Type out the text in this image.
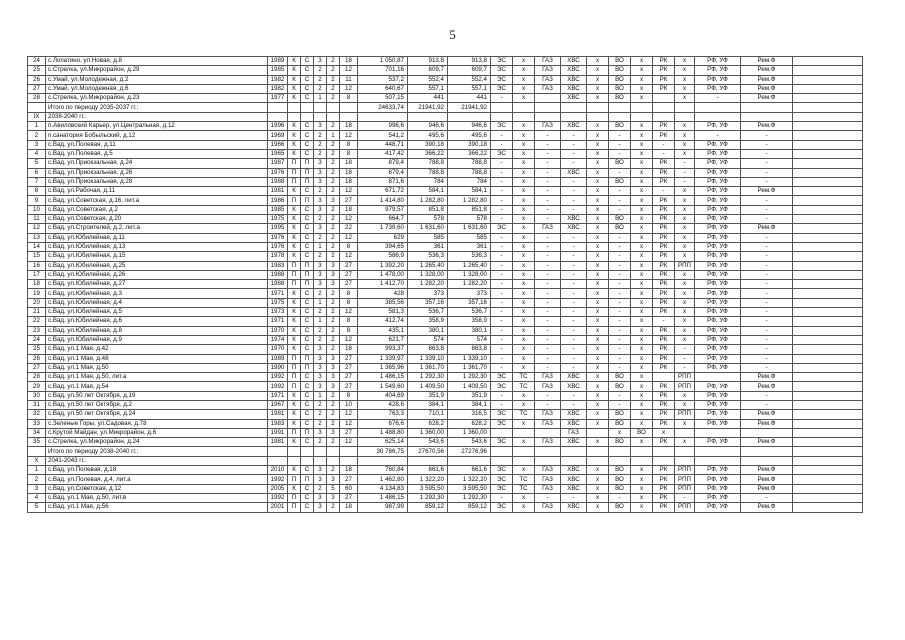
5
24	с.Лопатино, ул.Новая, д.8	1989	К	С	3	2	18	1 050,87	913,8	913,8	ЭС	х	ГАЗ	ХВС	х	ВО	х	РК	х	РФ, УФ	Рем.Ф	
25	с.Стрелка, ул.Микрорайон, д.29	1985	К	С	2	2	12	701,16	609,7	609,7	ЭС	х	ГАЗ	ХВС	х	ВО	х	РК	х	РФ, УФ	Рем.Ф	
26	с.Умай, ул.Молодежная, д.2	1982	К	С	2	2	11	537,2	552,4	552,4	ЭС	х	ГАЗ	ХВС	х	ВО	х	РК	х	РФ, УФ	Рем.Ф	
27	с.Умай, ул.Молодежная, д.6	1982	К	С	2	2	12	640,67	557,1	557,1	ЭС	х	ГАЗ	ХВС	х	ВО	х	РК	х	РФ, УФ	Рем.Ф	
28	с.Стрелка, ул.Микрорайон, д.23	1977	К	С	1	2	8	507,15	441	441	-	х		ХВС	х	ВО	х		х	-	Рем.Ф	
	Итого по периоду 2035-2037 гг.:							24633,74	21941,92	21941,92												
IX	2038-2040 гг.:																					
1	п.Авиловский Карьер, ул.Центральная, д.12	1996	К	С	3	2	18	996,6	946,6	946,6	ЭС	х	ГАЗ	ХВС	х	ВО	х	РК	х	РФ, УФ	Рем.Ф	
2	п.санатория Бобыльский, д.12	1969	К	С	2	1	12	541,2	495,6	495,6	-	х	-	-	х	-	х	РК	х	-	-	
3	с.Вад, ул.Полевая, д.11	1966	К	С	2	2	8	448,71	390,18	390,18	-	х	-	-	х	-	х	-	х	РФ, УФ	-	
4	с.Вад, ул.Полевая, д.5	1965	К	С	2	2	8	417,42	366,22	366,22	ЭС	х	-	-	х	-	х	-	х	РФ, УФ	-	
5	с.Вад, ул.Приокзальная, д.24	1987	П	П	3	2	18	879,4	788,8	788,8	-	х	-	-	х	ВО	х	РК	-	РФ, УФ	-	
6	с.Вад, ул.Приокзальная, д.26	1976	П	П	3	2	18	879,4	788,8	788,8	-	х	-	ХВС	х	-	х	РК	-	РФ, УФ	-	
7	с.Вад, ул.Приокзальная, д.28	1988	П	П	3	2	18	871,6	784	784	-	х	-	-	х	ВО	х	РК	-	РФ, УФ	-	
8	с.Вад, ул.Рабочая, д.11	1981	К	С	2	2	12	671,72	584,1	584,1	-	х	-	-	х	-	х	-	х	РФ, УФ	Рем.Ф	
9	с.Вад, ул.Советская, д.16, лит.а	1986	П	П	3	3	27	1 414,80	1 282,80	1 282,80	-	х	-	-	х	-	х	РК	х	РФ, УФ	-	
10	с.Вад, ул.Советская, д.2	1985	К	С	3	2	18	979,57	851,8	851,8	-	х	-	-	х	-	х	РК	х	РФ, УФ	-	
11	с.Вад, ул.Советская, д.20	1975	К	С	2	2	12	664,7	578	578	-	х	-	ХВС	х	ВО	х	РК	х	РФ, УФ	-	
12	с.Вад, ул.Строителей, д.2, лит.а	1995	К	С	3	2	22	1 739,60	1 631,60	1 631,60	ЭС	х	ГАЗ	ХВС	х	ВО	х	РК	х	РФ, УФ	Рем.Ф	
13	с.Вад, ул.Юбилейная, д.11	1976	К	С	2	2	12	629	585	585	-	х	-	-	х	-	х	РК	х	РФ, УФ	-	
14	с.Вад, ул.Юбилейная, д.13	1976	К	С	1	2	8	394,65	361	361	-	х	-	-	х	-	х	РК	х	РФ, УФ	-	
15	с.Вад, ул.Юбилейная, д.15	1978	К	С	2	2	12	586,9	536,3	536,3	-	х	-	-	х	-	х	РК	х	РФ, УФ	-	
16	с.Вад, ул.Юбилейная, д.25	1983	П	П	3	3	27	1 392,20	1 265,40	1 265,40	-	х	-	-	х	-	х	РК	РПП	РФ, УФ	-	
17	с.Вад, ул.Юбилейная, д.26	1988	П	П	3	3	27	1 478,00	1 328,00	1 328,00	-	х	-	-	х	-	х	РК	х	РФ, УФ	-	
18	с.Вад, ул.Юбилейная, д.27	1988	П	П	3	3	27	1 412,70	1 282,20	1 282,20	-	х	-	-	х	-	х	РК	х	РФ, УФ	-	
19	с.Вад, ул.Юбилейная, д.3	1971	К	С	2	2	8	428	373	373	-	х	-	-	х	-	х	РК	х	РФ, УФ	-	
20	с.Вад, ул.Юбилейная, д.4	1975	К	С	1	2	8	385,56	357,16	357,16	-	х	-	-	х	-	х	РК	х	РФ, УФ	-	
21	с.Вад, ул.Юбилейная, д.5	1973	К	С	2	2	12	581,3	536,7	536,7	-	х	-	-	х	-	х	РК	х	РФ, УФ	-	
22	с.Вад, ул.Юбилейная, д.6	1971	К	С	1	2	8	412,74	358,9	358,9	-	х	-	-	х	-	х	-	х	РФ, УФ	-	
23	с.Вад, ул.Юбилейная, д.8	1970	К	С	2	2	8	435,1	380,1	380,1	-	х	-	-	х	-	х	РК	х	РФ, УФ	-	
24	с.Вад, ул.Юбилейная, д.9	1974	К	С	2	2	12	621,7	574	574	-	х	-	-	х	-	х	РК	х	РФ, УФ	-	
25	с.Вад, ул.1 Мая, д.42	1970	К	С	3	2	18	993,37	863,8	863,8	-	х	-	-	х	-	х	РК	-	РФ, УФ	-	
26	с.Вад, ул.1 Мая, д.48	1989	П	П	3	3	27	1 339,97	1 339,10	1 339,10	-	х	-	-	х	-	х	РК	-	РФ, УФ	-	
27	с.Вад, ул.1 Мая, д.50	1990	П	П	3	3	27	1 365,96	1 361,70	1 361,70	-	х	-	-	х	-	х	РК	-	РФ, УФ	-	
28	с.Вад, ул.1 Мая, д.50, лит.а	1992	П	С	3	3	27	1 486,15	1 292,30	1 292,30	ЭС	ТС	ГАЗ	ХВС	х	ВО	х		РПП		Рем.Ф	
29	с.Вад, ул.1 Мая, д.54	1992	П	С	3	3	27	1 549,60	1 409,50	1 409,50	ЭС	ТС	ГАЗ	ХВС	х	ВО	х	РК	РПП	РФ, УФ	Рем.Ф	
30	с.Вад, ул.50 лет Октября, д.19	1971	К	С	1	2	8	404,69	351,9	351,9	-	х	-	-	х	-	х	РК	х	РФ, УФ	-	
31	с.Вад, ул.50 лет Октября, д.2	1967	К	С	2	2	10	428,6	384,1	384,1	-	х	-	-	х	-	х	РК	х	РФ, УФ	-	
32	с.Вад, ул.50 лет Октября, д.24	1981	К	С	2	2	12	763,3	710,1	316,5	ЭС	ТС	ГАЗ	ХВС	х	ВО	х	РК	РПП	РФ, УФ	Рем.Ф	
33	с.Зеленые Горы, ул.Садовая, д.78	1983	К	С	2	2	12	676,6	628,2	628,2	ЭС	х	ГАЗ	ХВС	х	ВО	х	РК	х	РФ, УФ	Рем.Ф	
34	с.Крутой Майдан, ул.Микрорайон, д.6	1991	П	П	3	3	27	1 488,80	1 360,00	1 360,00				ГАЗ		х	ВО	х				
35	с.Стрелка, ул.Микрорайон, д.24	1981	К	С	2	2	12	625,14	543,6	543,6	ЭС	х	ГАЗ	ХВС	х	ВО	х	РК	х	РФ, УФ	Рем.Ф	
	Итого по периоду 2038-2040 гг.:							30 786,75	27670,56	27276,96												
X	2041-2043 гг.:																					
1	с.Вад, ул.Полевая, д.18	2010	К	С	3	2	18	760,84	661,6	661,6	ЭС	х	ГАЗ	ХВС	х	ВО	х	РК	РПП	РФ, УФ	Рем.Ф	
2	с.Вад, ул.Полевая, д.4, лит.а	1992	П	П	3	3	27	1 462,80	1 322,20	1 322,20	ЭС	ТС	ГАЗ	ХВС	х	ВО	х	РК	РПП	РФ, УФ	Рем.Ф	
3	с.Вад, ул.Советская, д.12	2005	К	С	2	5	60	4 134,83	3 595,50	3 595,50	ЭС	ТС	ГАЗ	ХВС	х	ВО	х	РК	РПП	РФ, УФ	Рем.Ф	
4	с.Вад, ул.1 Мая, д.50, лит.в	1992	П	С	3	3	27	1 486,15	1 292,30	1 292,30	-	х	-	-	х	-	х	РК	-	РФ, УФ	-	
5	с.Вад, ул.1 Мая, д.56	2001	П	С	3	2	18	987,99	859,12	859,12	ЭС	х	ГАЗ	ХВС	х	ВО	х	РК	РПП	РФ, УФ	Рем.Ф	
